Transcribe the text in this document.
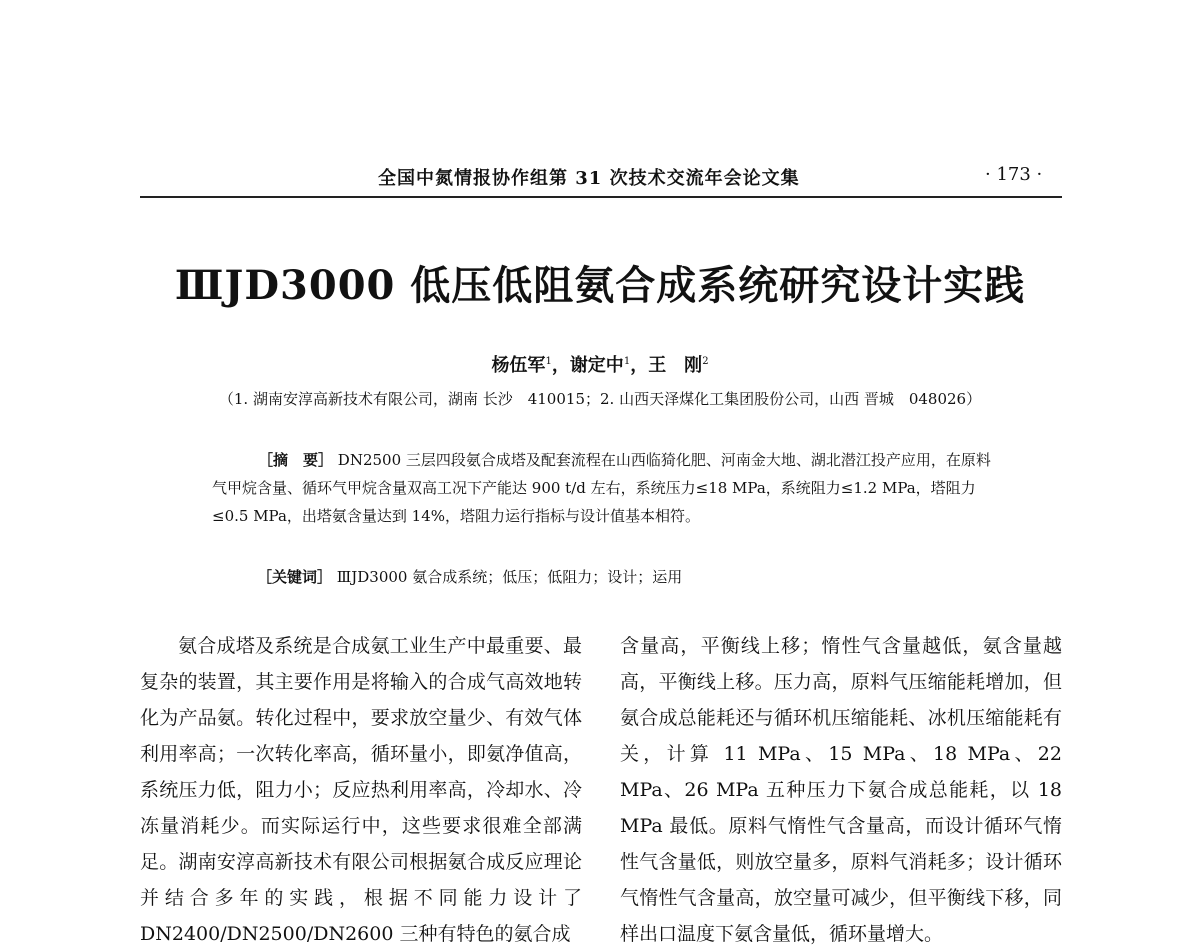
全国中氮情报协作组第 31 次技术交流年会论文集	· 173 ·
ⅢJD3000 低压低阻氨合成系统研究设计实践
杨伍军$^1$，谢定中$^1$，王　刚$^2$
（1. 湖南安淳高新技术有限公司，湖南 长沙　410015；2. 山西天泽煤化工集团股份公司，山西 晋城　048026）
［摘　要］ DN2500 三层四段氨合成塔及配套流程在山西临猗化肥、河南金大地、湖北潜江投产应用，在原料气甲烷含量、循环气甲烷含量双高工况下产能达 900 t/d 左右，系统压力≤18 MPa，系统阻力≤1.2 MPa，塔阻力≤0.5 MPa，出塔氨含量达到 14%，塔阻力运行指标与设计值基本相符。
［关键词］ ⅢJD3000 氨合成系统；低压；低阻力；设计；运用
氨合成塔及系统是合成氨工业生产中最重要、最复杂的装置，其主要作用是将输入的合成气高效地转化为产品氨。转化过程中，要求放空量少、有效气体利用率高；一次转化率高，循环量小，即氨净值高，系统压力低，阻力小；反应热利用率高，冷却水、冷冻量消耗少。而实际运行中，这些要求很难全部满足。湖南安淳高新技术有限公司根据氨合成反应理论并结合多年的实践，根据不同能力设计了DN2400/DN2500/DN2600 三种有特色的氨合成
含量高，平衡线上移；惰性气含量越低，氨含量越高，平衡线上移。压力高，原料气压缩能耗增加，但氨合成总能耗还与循环机压缩能耗、冰机压缩能耗有关，计算 11 MPa、15 MPa、18 MPa、22 MPa、26 MPa 五种压力下氨合成总能耗，以 18 MPa 最低。原料气惰性气含量高，而设计循环气惰性气含量低，则放空量多，原料气消耗多；设计循环气惰性气含量高，放空量可减少，但平衡线下移，同样出口温度下氨含量低，循环量增大。
